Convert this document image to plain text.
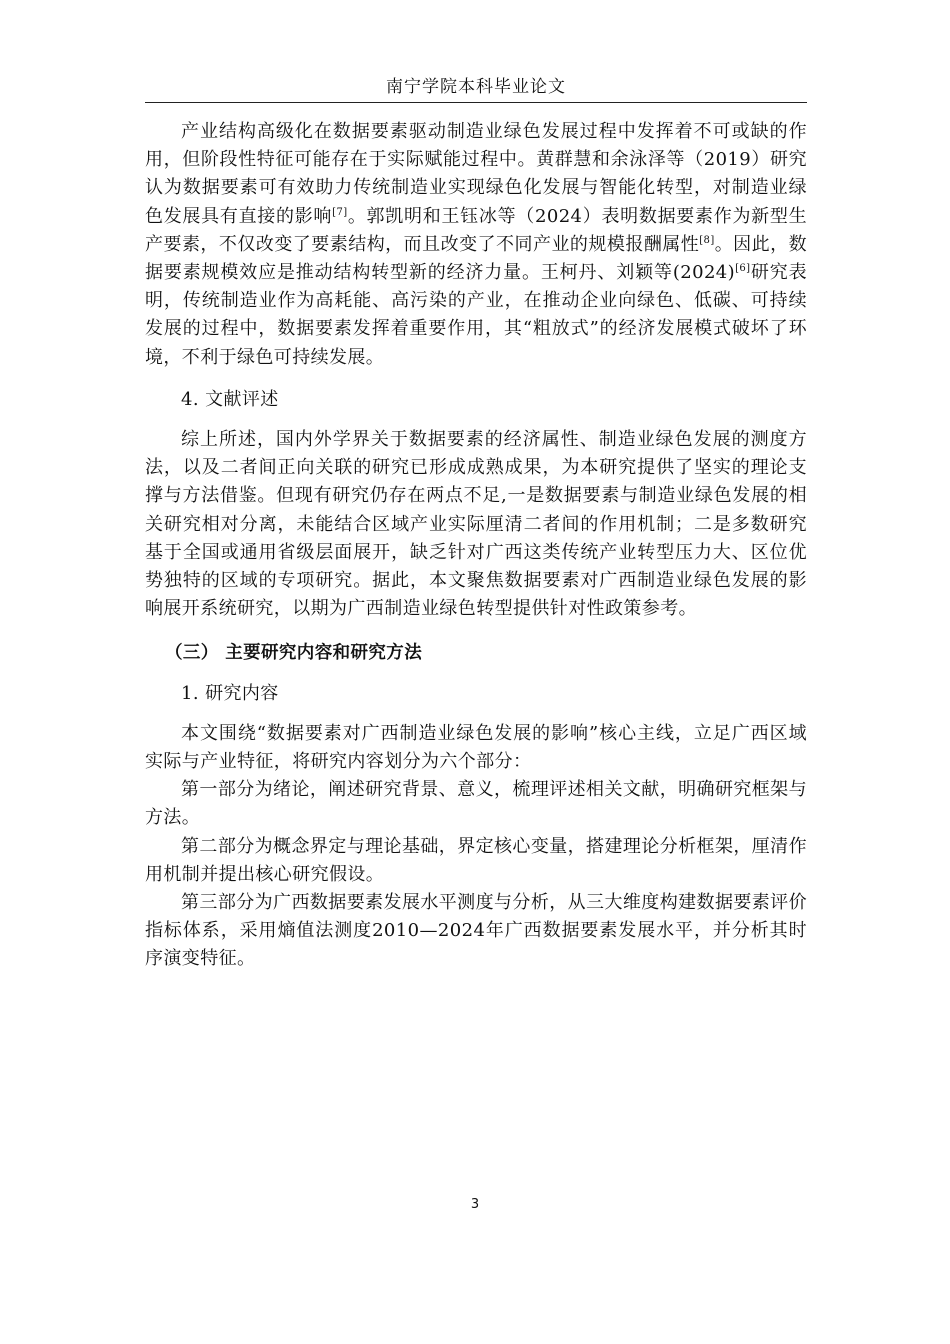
南宁学院本科毕业论文

产业结构高级化在数据要素驱动制造业绿色发展过程中发挥着不可或缺的作用，但阶段性特征可能存在于实际赋能过程中。黄群慧和余泳泽等（2019）研究认为数据要素可有效助力传统制造业实现绿色化发展与智能化转型，对制造业绿色发展具有直接的影响[7]。郭凯明和王钰冰等（2024）表明数据要素作为新型生产要素，不仅改变了要素结构，而且改变了不同产业的规模报酬属性[8]。因此，数据要素规模效应是推动结构转型新的经济力量。王柯丹、刘颖等(2024)[6]研究表明，传统制造业作为高耗能、高污染的产业，在推动企业向绿色、低碳、可持续发展的过程中，数据要素发挥着重要作用，其“粗放式”的经济发展模式破坏了环境，不利于绿色可持续发展。

4. 文献评述

综上所述，国内外学界关于数据要素的经济属性、制造业绿色发展的测度方法，以及二者间正向关联的研究已形成成熟成果，为本研究提供了坚实的理论支撑与方法借鉴。但现有研究仍存在两点不足,一是数据要素与制造业绿色发展的相关研究相对分离，未能结合区域产业实际厘清二者间的作用机制；二是多数研究基于全国或通用省级层面展开，缺乏针对广西这类传统产业转型压力大、区位优势独特的区域的专项研究。据此，本文聚焦数据要素对广西制造业绿色发展的影响展开系统研究，以期为广西制造业绿色转型提供针对性政策参考。

（三） 主要研究内容和研究方法

1. 研究内容

本文围绕“数据要素对广西制造业绿色发展的影响”核心主线，立足广西区域实际与产业特征，将研究内容划分为六个部分：

第一部分为绪论，阐述研究背景、意义，梳理评述相关文献，明确研究框架与方法。

第二部分为概念界定与理论基础，界定核心变量，搭建理论分析框架，厘清作用机制并提出核心研究假设。

第三部分为广西数据要素发展水平测度与分析，从三大维度构建数据要素评价指标体系，采用熵值法测度2010—2024年广西数据要素发展水平，并分析其时序演变特征。

3
